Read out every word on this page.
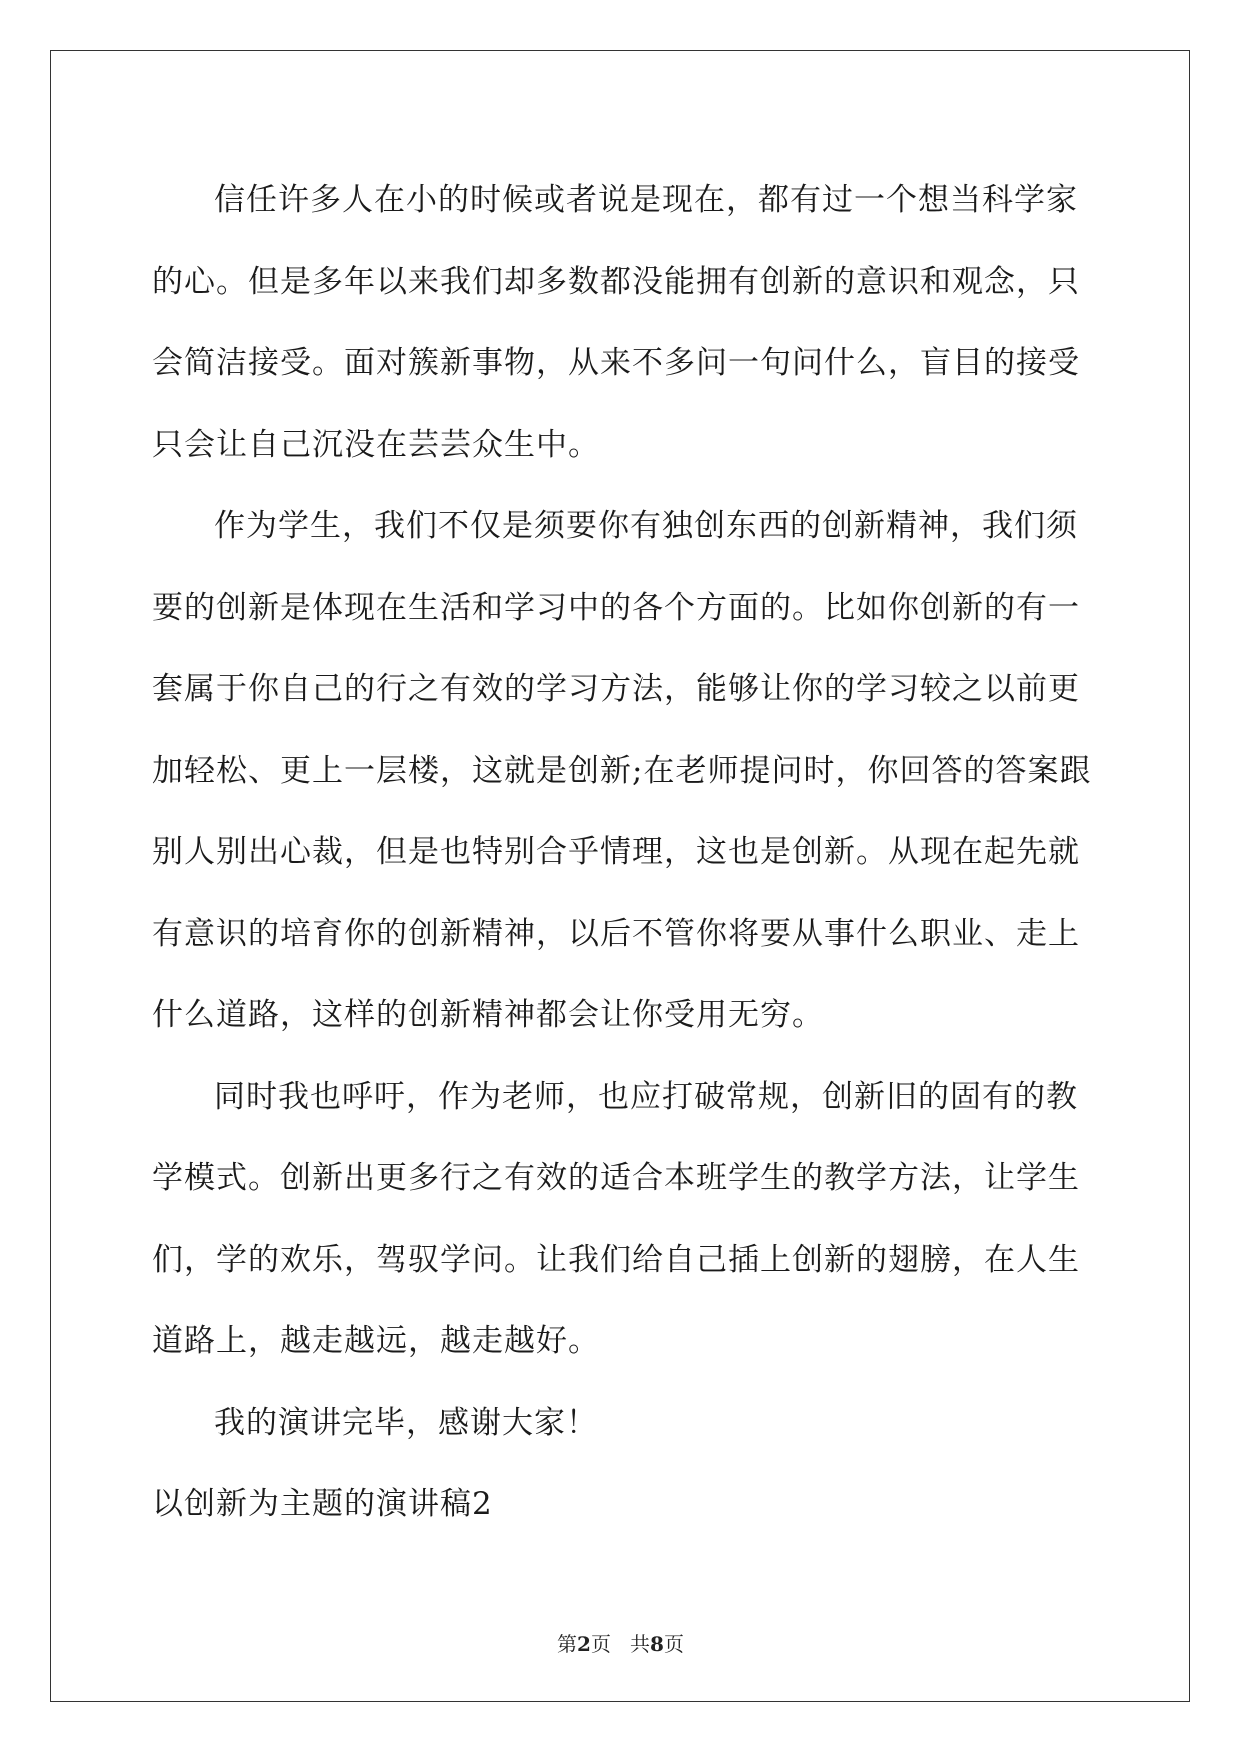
信任许多人在小的时候或者说是现在，都有过一个想当科学家的心。但是多年以来我们却多数都没能拥有创新的意识和观念，只会简洁接受。面对簇新事物，从来不多问一句问什么，盲目的接受只会让自己沉没在芸芸众生中。

作为学生，我们不仅是须要你有独创东西的创新精神，我们须要的创新是体现在生活和学习中的各个方面的。比如你创新的有一套属于你自己的行之有效的学习方法，能够让你的学习较之以前更加轻松、更上一层楼，这就是创新;在老师提问时，你回答的答案跟别人别出心裁，但是也特别合乎情理，这也是创新。从现在起先就有意识的培育你的创新精神，以后不管你将要从事什么职业、走上什么道路，这样的创新精神都会让你受用无穷。

同时我也呼吁，作为老师，也应打破常规，创新旧的固有的教学模式。创新出更多行之有效的适合本班学生的教学方法，让学生们，学的欢乐，驾驭学问。让我们给自己插上创新的翅膀，在人生道路上，越走越远，越走越好。

我的演讲完毕，感谢大家！

以创新为主题的演讲稿2

第2页 共8页
